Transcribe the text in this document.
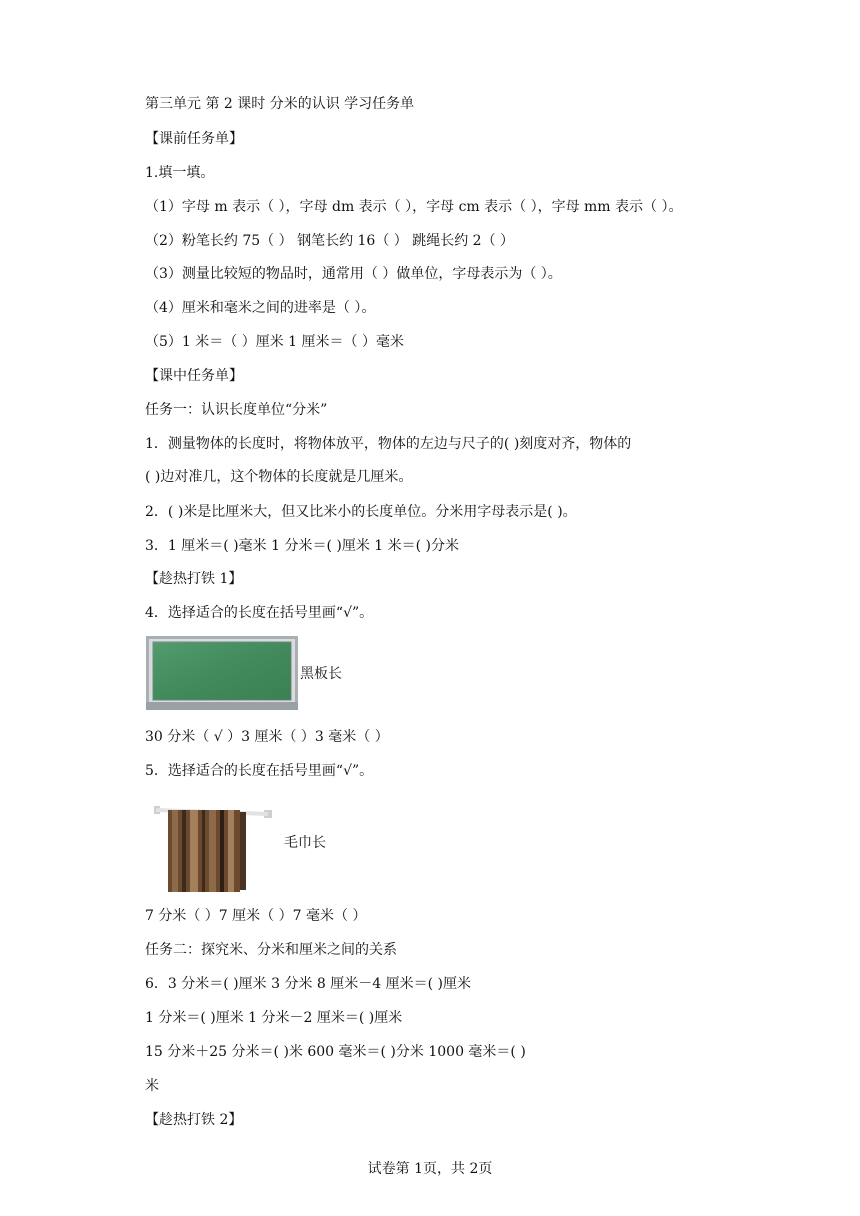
第三单元 第 2 课时 分米的认识 学习任务单
【课前任务单】
1.填一填。
（1）字母 m 表示（ ），字母 dm 表示（ ），字母 cm 表示（ ），字母 mm 表示（ ）。
（2）粉笔长约 75（ ） 钢笔长约 16（ ） 跳绳长约 2（ ）
（3）测量比较短的物品时，通常用（ ）做单位，字母表示为（ ）。
（4）厘米和毫米之间的进率是（ ）。
（5）1 米＝（ ）厘米 1 厘米＝（ ）毫米
【课中任务单】
任务一：认识长度单位“分米”
1．测量物体的长度时，将物体放平，物体的左边与尺子的( )刻度对齐，物体的
( )边对准几，这个物体的长度就是几厘米。
2．( )米是比厘米大，但又比米小的长度单位。分米用字母表示是( )。
3．1 厘米＝( )毫米 1 分米＝( )厘米 1 米＝( )分米
【趁热打铁 1】
4．选择适合的长度在括号里画“√”。
黑板长
30 分米（ √ ）3 厘米（ ）3 毫米（ ）
5．选择适合的长度在括号里画“√”。
毛巾长
7 分米（ ）7 厘米（ ）7 毫米（ ）
任务二：探究米、分米和厘米之间的关系
6．3 分米＝( )厘米 3 分米 8 厘米－4 厘米＝( )厘米
1 分米＝( )厘米 1 分米－2 厘米＝( )厘米
15 分米＋25 分米＝( )米 600 毫米＝( )分米 1000 毫米＝( )
米
【趁热打铁 2】
试卷第 1页，共 2页
